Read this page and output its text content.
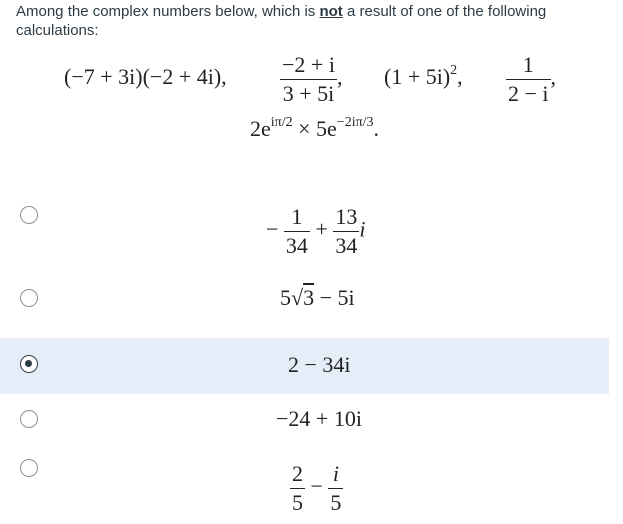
Among the complex numbers below, which is not a result of one of the following calculations:
(−7 + 3i)(−2 + 4i), $\frac{-2 + i}{3 + 5i}$ , $(1 + 5i)^2$, $\frac{1}{2 - i}$ ,
$2e^{i\pi/2} \times 5e^{-2i\pi/3}$.
− $\frac{1}{34} + \frac{13}{34}$ i
5√3 − 5i
2 − 34i
−24 + 10i
$\frac{2}{5} - \frac{i}{5}$
